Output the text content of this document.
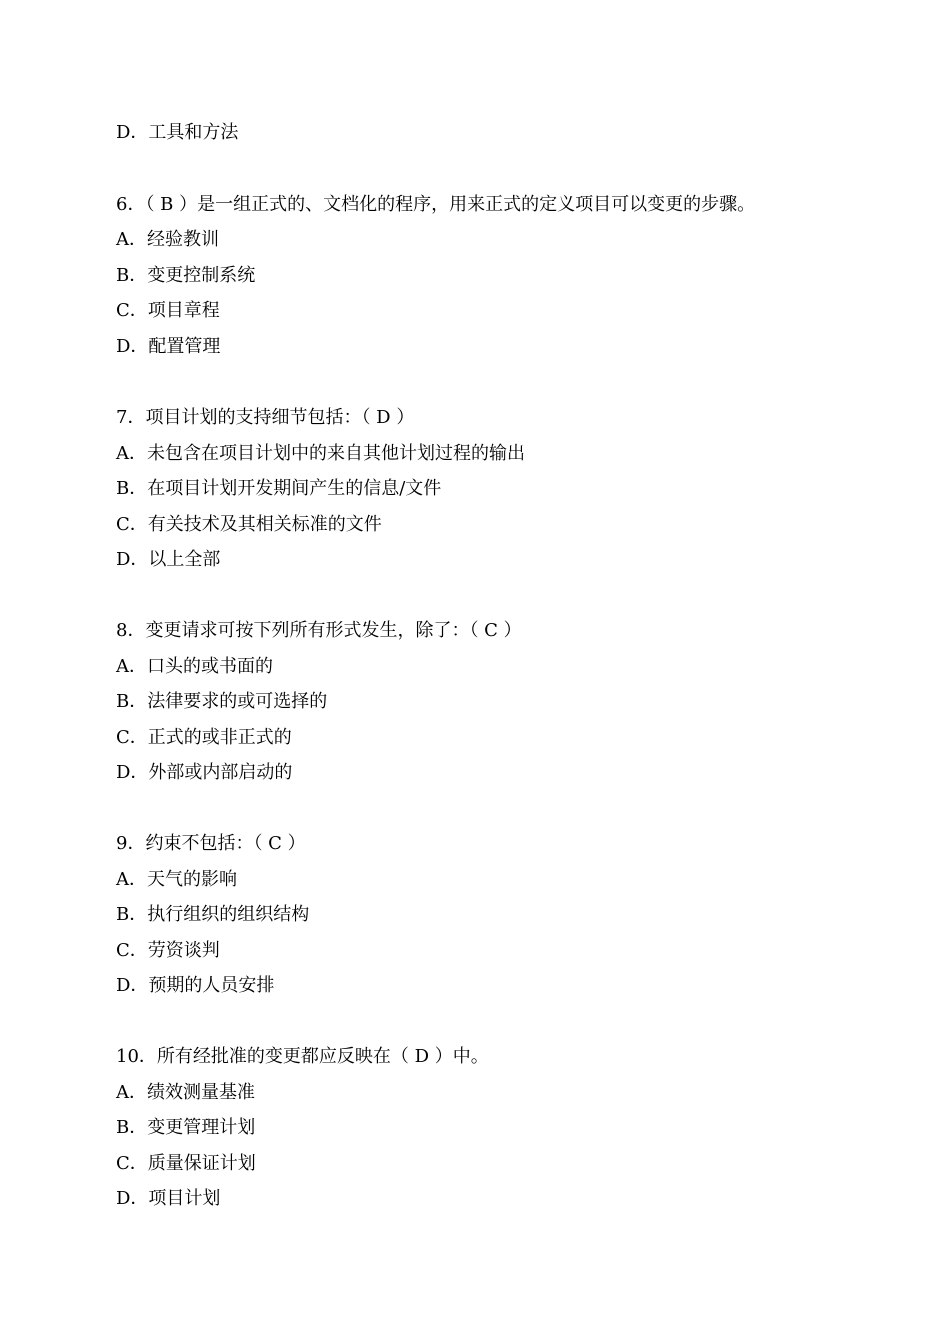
D．工具和方法
6．（ B ）是一组正式的、文档化的程序，用来正式的定义项目可以变更的步骤。
A．经验教训
B．变更控制系统
C．项目章程
D．配置管理
7．项目计划的支持细节包括：（ D ）
A．未包含在项目计划中的来自其他计划过程的输出
B．在项目计划开发期间产生的信息/文件
C．有关技术及其相关标准的文件
D．以上全部
8．变更请求可按下列所有形式发生，除了：（ C ）
A．口头的或书面的
B．法律要求的或可选择的
C．正式的或非正式的
D．外部或内部启动的
9．约束不包括：（ C ）
A．天气的影响
B．执行组织的组织结构
C．劳资谈判
D．预期的人员安排
10．所有经批准的变更都应反映在（ D ）中。
A．绩效测量基准
B．变更管理计划
C．质量保证计划
D．项目计划
